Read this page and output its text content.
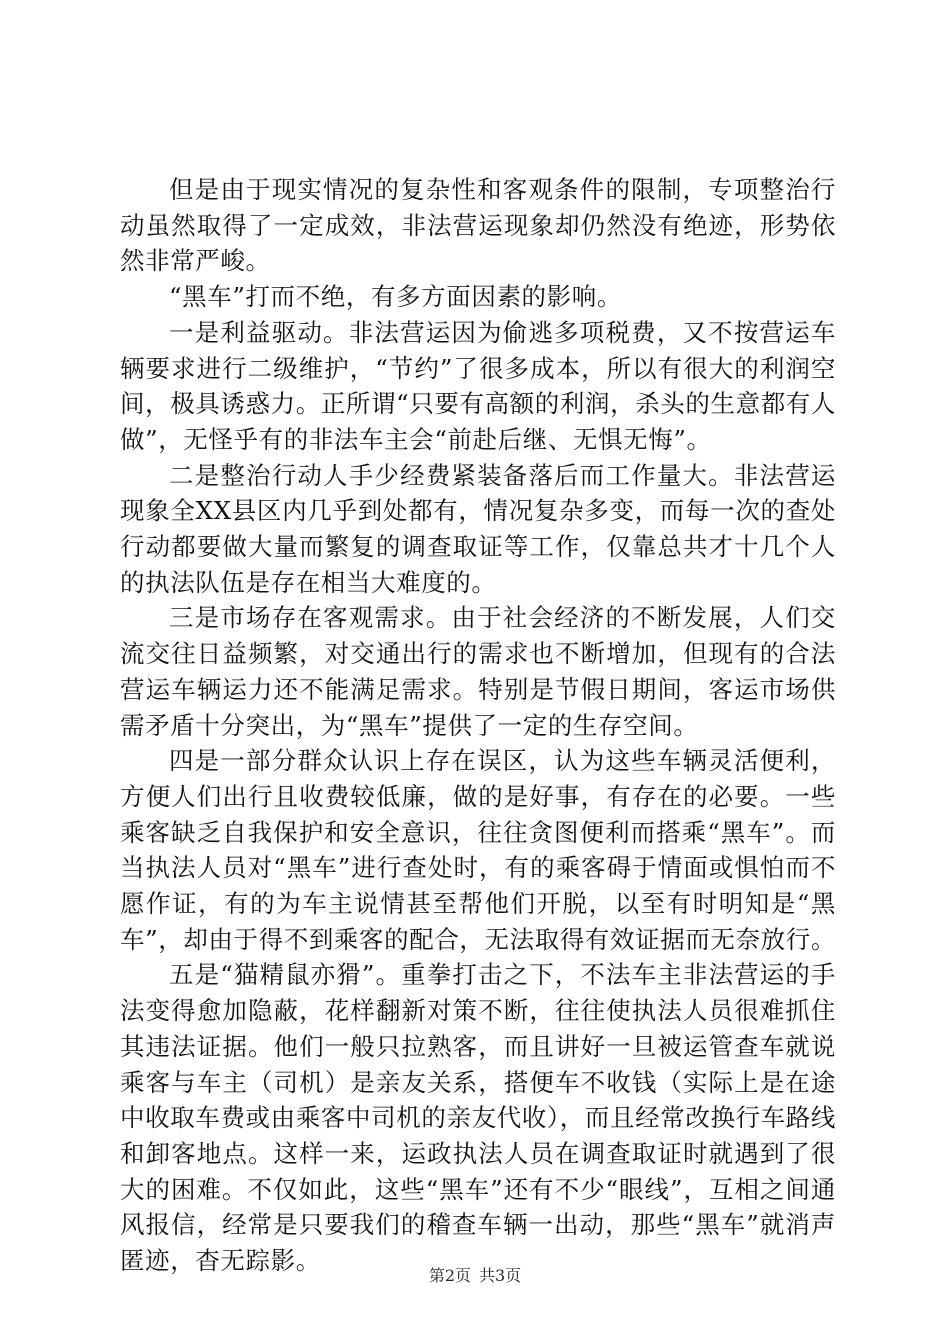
但是由于现实情况的复杂性和客观条件的限制，专项整治行动虽然取得了一定成效，非法营运现象却仍然没有绝迹，形势依然非常严峻。

“黑车”打而不绝，有多方面因素的影响。

一是利益驱动。非法营运因为偷逃多项税费，又不按营运车辆要求进行二级维护，“节约”了很多成本，所以有很大的利润空间，极具诱惑力。正所谓“只要有高额的利润，杀头的生意都有人做”，无怪乎有的非法车主会“前赴后继、无惧无悔”。

二是整治行动人手少经费紧装备落后而工作量大。非法营运现象全XX县区内几乎到处都有，情况复杂多变，而每一次的查处行动都要做大量而繁复的调查取证等工作，仅靠总共才十几个人的执法队伍是存在相当大难度的。

三是市场存在客观需求。由于社会经济的不断发展，人们交流交往日益频繁，对交通出行的需求也不断增加，但现有的合法营运车辆运力还不能满足需求。特别是节假日期间，客运市场供需矛盾十分突出，为“黑车”提供了一定的生存空间。

四是一部分群众认识上存在误区，认为这些车辆灵活便利，方便人们出行且收费较低廉，做的是好事，有存在的必要。一些乘客缺乏自我保护和安全意识，往往贪图便利而搭乘“黑车”。而当执法人员对“黑车”进行查处时，有的乘客碍于情面或惧怕而不愿作证，有的为车主说情甚至帮他们开脱，以至有时明知是“黑车”，却由于得不到乘客的配合，无法取得有效证据而无奈放行。

五是“猫精鼠亦猾”。重拳打击之下，不法车主非法营运的手法变得愈加隐蔽，花样翻新对策不断，往往使执法人员很难抓住其违法证据。他们一般只拉熟客，而且讲好一旦被运管查车就说乘客与车主（司机）是亲友关系，搭便车不收钱（实际上是在途中收取车费或由乘客中司机的亲友代收），而且经常改换行车路线和卸客地点。这样一来，运政执法人员在调查取证时就遇到了很大的困难。不仅如此，这些“黑车”还有不少“眼线”，互相之间通风报信，经常是只要我们的稽查车辆一出动，那些“黑车”就消声匿迹，杳无踪影。

第2页 共3页
